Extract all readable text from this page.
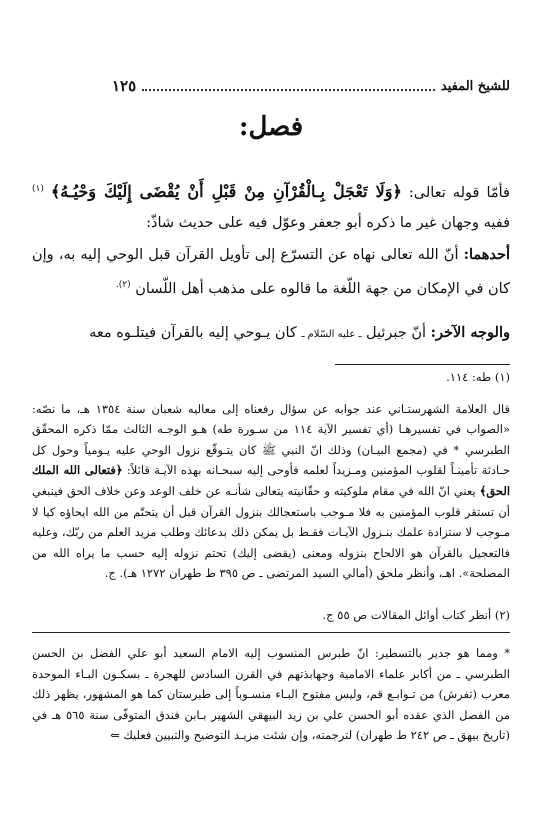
للشيخ المفيد
١٢٥
فصل:
فأمّا قوله تعالى: ﴿وَلَا تَعْجَلْ بِـالْقُرْآنِ مِنْ قَبْلِ أَنْ يُقْضَى إِلَيْكَ وَحْيُـهُ﴾ $^{(١)}$ ففيه وجهان غير ما ذكره أبو جعفر وعوّل فيه على حديث شاذّ:
أحدهما: أنّ الله تعالى نهاه عن التسرّع إلى تأويل القرآن قبل الوحي إليه به، وإن كان في الإمكان من جهة اللّغة ما قالوه على مذهب أهل اللّسان $^{(٢).}$
والوجه الآخر: أنّ جبرئيل ـ عليه السّلام ـ كان يـوحي إليه بالقرآن فيتلـوه معه
(١) طه: ١١٤.
قال العلامة الشهرستـاني عند جوابه عن سؤال رفعناه إلى معاليه شعبان سنة ١٣٥٤ هـ، ما نصّه: «الصواب في تفسيرهـا (أي تفسير الآية ١١٤ من سـورة طه) هـو الوجـه الثالث ممّا ذكره المحقّق الطبرسي * في (مجمع البيـان) وذلك انّ النبي ﷺ كان يتـوقّع نزول الوحي عليه يـومياً وحول كل حـادثة تأمينـاً لقلوب المؤمنين ومـزيداً لعلمه فأوحى إليه سبحـانه بهذه الآيـة قائلاً: ﴿فتعالى الله الملك الحق﴾ يعني انّ الله في مقام ملوكيته و حقّانيته يتعالى شأنـه عن خلف الوعد وعن خلاف الحق فينبغي أن تستقر قلوب المؤمنين به فلا مـوجب باستعجالك بنزول القرآن قبل أن يتحتّم من الله ايحاؤه كيا لا مـوجب لا ستزادة علمك بنـزول الآيـات فقـط بل يمكن ذلك بدعائك وطلب مزيد العلم من ربّك، وعليه فالتعجيل بالقرآن هو الالحاح بنزوله ومعنى (يقضى إليك) تحتم نزوله إليه حسب ما يراه الله من المصلحة». اهـ، وأنظر ملحق (أمالي السيد المرتضى ـ ص ٣٩٥ ط طهران ١٢٧٢ هـ). ج.
(٢) أنظر كتاب أوائل المقالات ص ٥٥ ج.
* ومما هو جدير بالتسطير: انّ طبرس المنسوب إليه الامام السعيد أبو علي الفضل بن الحسن الطبرسي ـ من أكابر علماء الامامية وجهابذتهم في القرن السادس للهجرة ـ بسكـون البـاء الموحدة معرب (تفرش) من تـوابـع قم، وليس مفتوح البـاء منسـوباً إلى طبرستان كما هو المشهور، يظهر ذلك من الفصل الذي عقده أبو الحسن علي بن زيد البيهقي الشهير بـابن فندق المتوفّى سنة ٥٦٥ هـ في (تاريخ بيهق ـ ص ٢٤٢ ط طهران) لترجمته، وإن شئت مزيـد التوضيح والتبيين فعليك ⇐
